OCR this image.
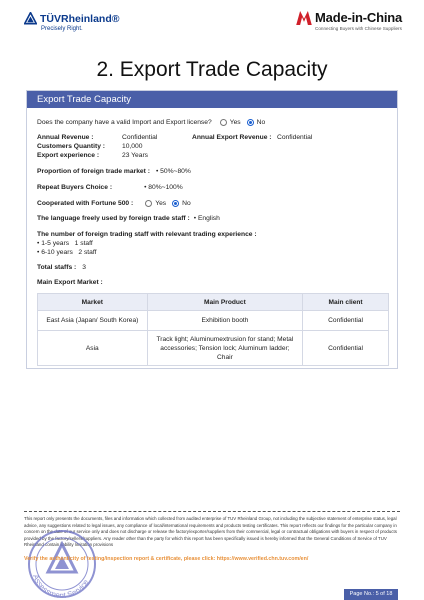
TÜVRheinland®
Precisely Right.
Made-in-China
Connecting Buyers with Chinese Suppliers
2. Export Trade Capacity
Export Trade Capacity
Does the company have a valid Import and Export license?	Yes No
Annual Revenue :	Confidential	Annual Export Revenue : Confidential
Customers Quantity :	10,000
Export experience :	23 Years
Proportion of foreign trade market : • 50%~80%
Repeat Buyers Choice :	• 80%~100%
Cooperated with Fortune 500 :	Yes No
The language freely used by foreign trade staff : • English
The number of foreign trading staff with relevant trading experience :
• 1-5 years   1 staff
• 6-10 years   2 staff
Total staffs : 3
Main Export Market :
Market	Main Product	Main client
East Asia (Japan/ South Korea)	Exhibition booth	Confidential
Asia	Track light; Aluminumextrusion for stand; Metal accessories; Tension lock; Aluminum ladder; Chair	Confidential
This report only presents the documents, files and information which collected from audited enterprise of TUV Rheinland Group, not including the subjective statement of enterprise status, legal advice, any suggestions related to legal issues, any compliance of local/international requirements and products testing certificates. This report reflects our findings for the particular company in concern on the date of our service only and does not discharge or release the factory/exporter/suppliers from their commercial, legal or contractual obligations with buyers in respect of products provided by the factory/sellers/suppliers. Any reader other than the party for which this report has been specifically issued is hereby informed that the General Conditions of Service of TUV Rheinland contain liability limitation provisions
Assessment Service
Verify the authenticity of testing/inspection report & certificate, please click: https://www.verified.chn.tuv.com/en/
Page No.: 5 of 18
